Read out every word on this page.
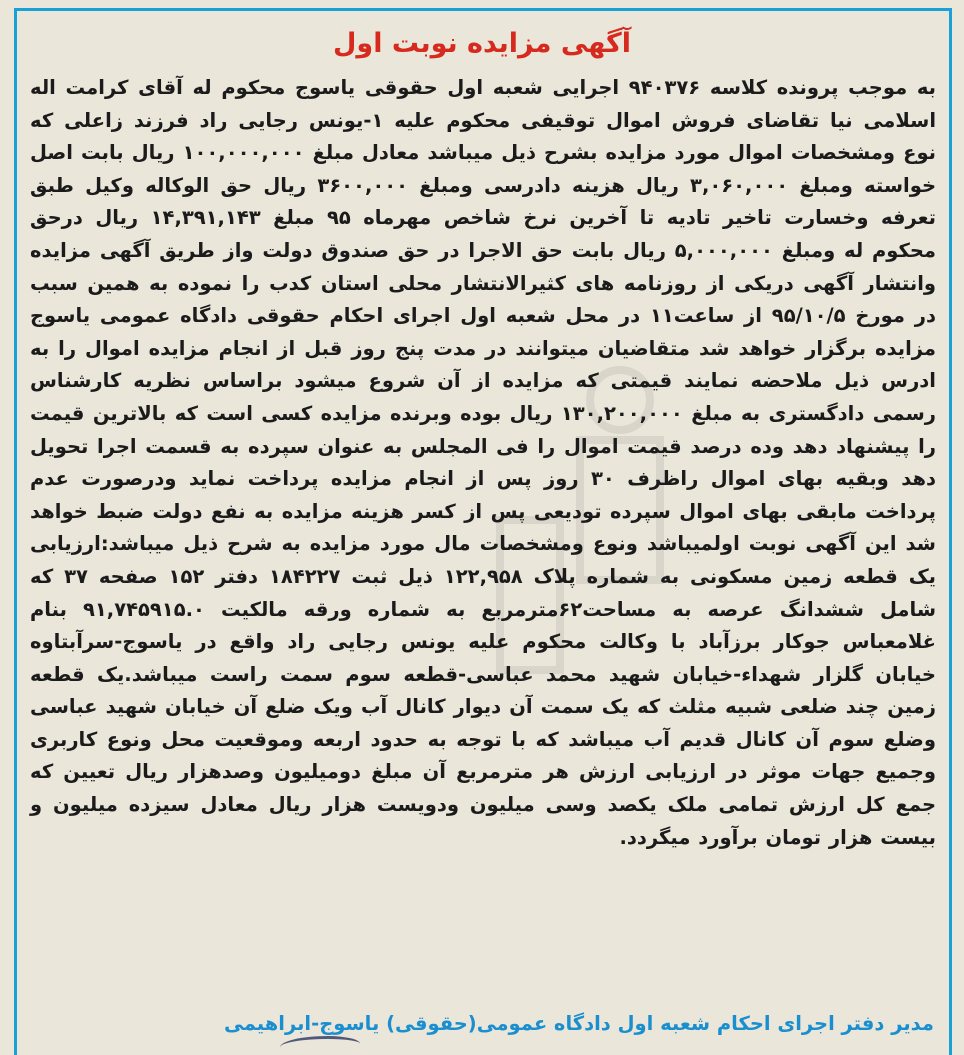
آگهی مزایده نوبت اول
به موجب پرونده کلاسه ۹۴۰۳۷۶ اجرایی شعبه اول حقوقی یاسوج محکوم له آقای کرامت اله اسلامی نیا تقاضای فروش اموال توقیفی محکوم علیه ۱-یونس رجایی راد فرزند زاعلی که نوع ومشخصات اموال مورد مزایده بشرح ذیل میباشد معادل مبلغ ۱۰۰,۰۰۰,۰۰۰ ریال بابت اصل خواسته ومبلغ ۳,۰۶۰,۰۰۰ ریال هزینه دادرسی ومبلغ ۳۶۰۰,۰۰۰ ریال حق الوکاله وکیل طبق تعرفه وخسارت تاخیر تادیه تا آخرین نرخ شاخص مهرماه ۹۵ مبلغ ۱۴,۳۹۱,۱۴۳ ریال درحق محکوم له ومبلغ ۵,۰۰۰,۰۰۰ ریال بابت حق الاجرا در حق صندوق دولت واز طریق آگهی مزایده وانتشار آگهی دریکی از روزنامه های کثیرالانتشار محلی استان کدب را نموده به همین سبب در مورخ ۹۵/۱۰/۵ از ساعت۱۱ در محل شعبه اول اجرای احکام حقوقی دادگاه عمومی یاسوج مزایده برگزار خواهد شد متقاضیان میتوانند در مدت پنج روز قبل از انجام مزایده اموال را به ادرس ذیل ملاحضه نمایند قیمتی که مزایده از آن شروع میشود براساس نظریه کارشناس رسمی دادگستری به مبلغ ۱۳۰,۲۰۰,۰۰۰ ریال بوده وبرنده مزایده کسی است که بالاترین قیمت را پیشنهاد دهد وده درصد قیمت اموال را فی المجلس به عنوان سپرده به قسمت اجرا تحویل دهد وبقیه بهای اموال راظرف ۳۰ روز پس از انجام مزایده پرداخت نماید ودرصورت عدم پرداخت مابقی بهای اموال سپرده تودیعی پس از کسر هزینه مزایده به نفع دولت ضبط خواهد شد این آگهی نوبت اولمیباشد ونوع ومشخصات مال مورد مزایده به شرح ذیل میباشد:ارزیابی یک قطعه زمین مسکونی به شماره پلاک ۱۲۲,۹۵۸ ذیل ثبت ۱۸۴۲۲۷ دفتر ۱۵۲ صفحه ۳۷ که شامل ششدانگ عرصه به مساحت۶۲مترمربع به شماره ورقه مالکیت ۹۱,۷۴۵۹۱۵.۰ بنام غلامعباس جوکار برزآباد با وکالت محکوم علیه یونس رجایی راد واقع در یاسوج-سرآبتاوه خیابان گلزار شهداء-خیابان شهید محمد عباسی-قطعه سوم سمت راست میباشد.یک قطعه زمین چند ضلعی شبیه مثلث که یک سمت آن دیوار کانال آب ویک ضلع آن خیابان شهید عباسی وضلع سوم آن کانال قدیم آب میباشد که با توجه به حدود اربعه وموقعیت محل ونوع کاربری وجمیع جهات موثر در ارزیابی ارزش هر مترمربع آن مبلغ دومیلیون وصدهزار ریال تعیین که جمع کل ارزش تمامی ملک یکصد وسی میلیون ودویست هزار ریال معادل سیزده میلیون و بیست هزار تومان برآورد میگردد.
مدیر دفتر اجرای احکام شعبه اول دادگاه عمومی(حقوقی) یاسوج-ابراهیمی
